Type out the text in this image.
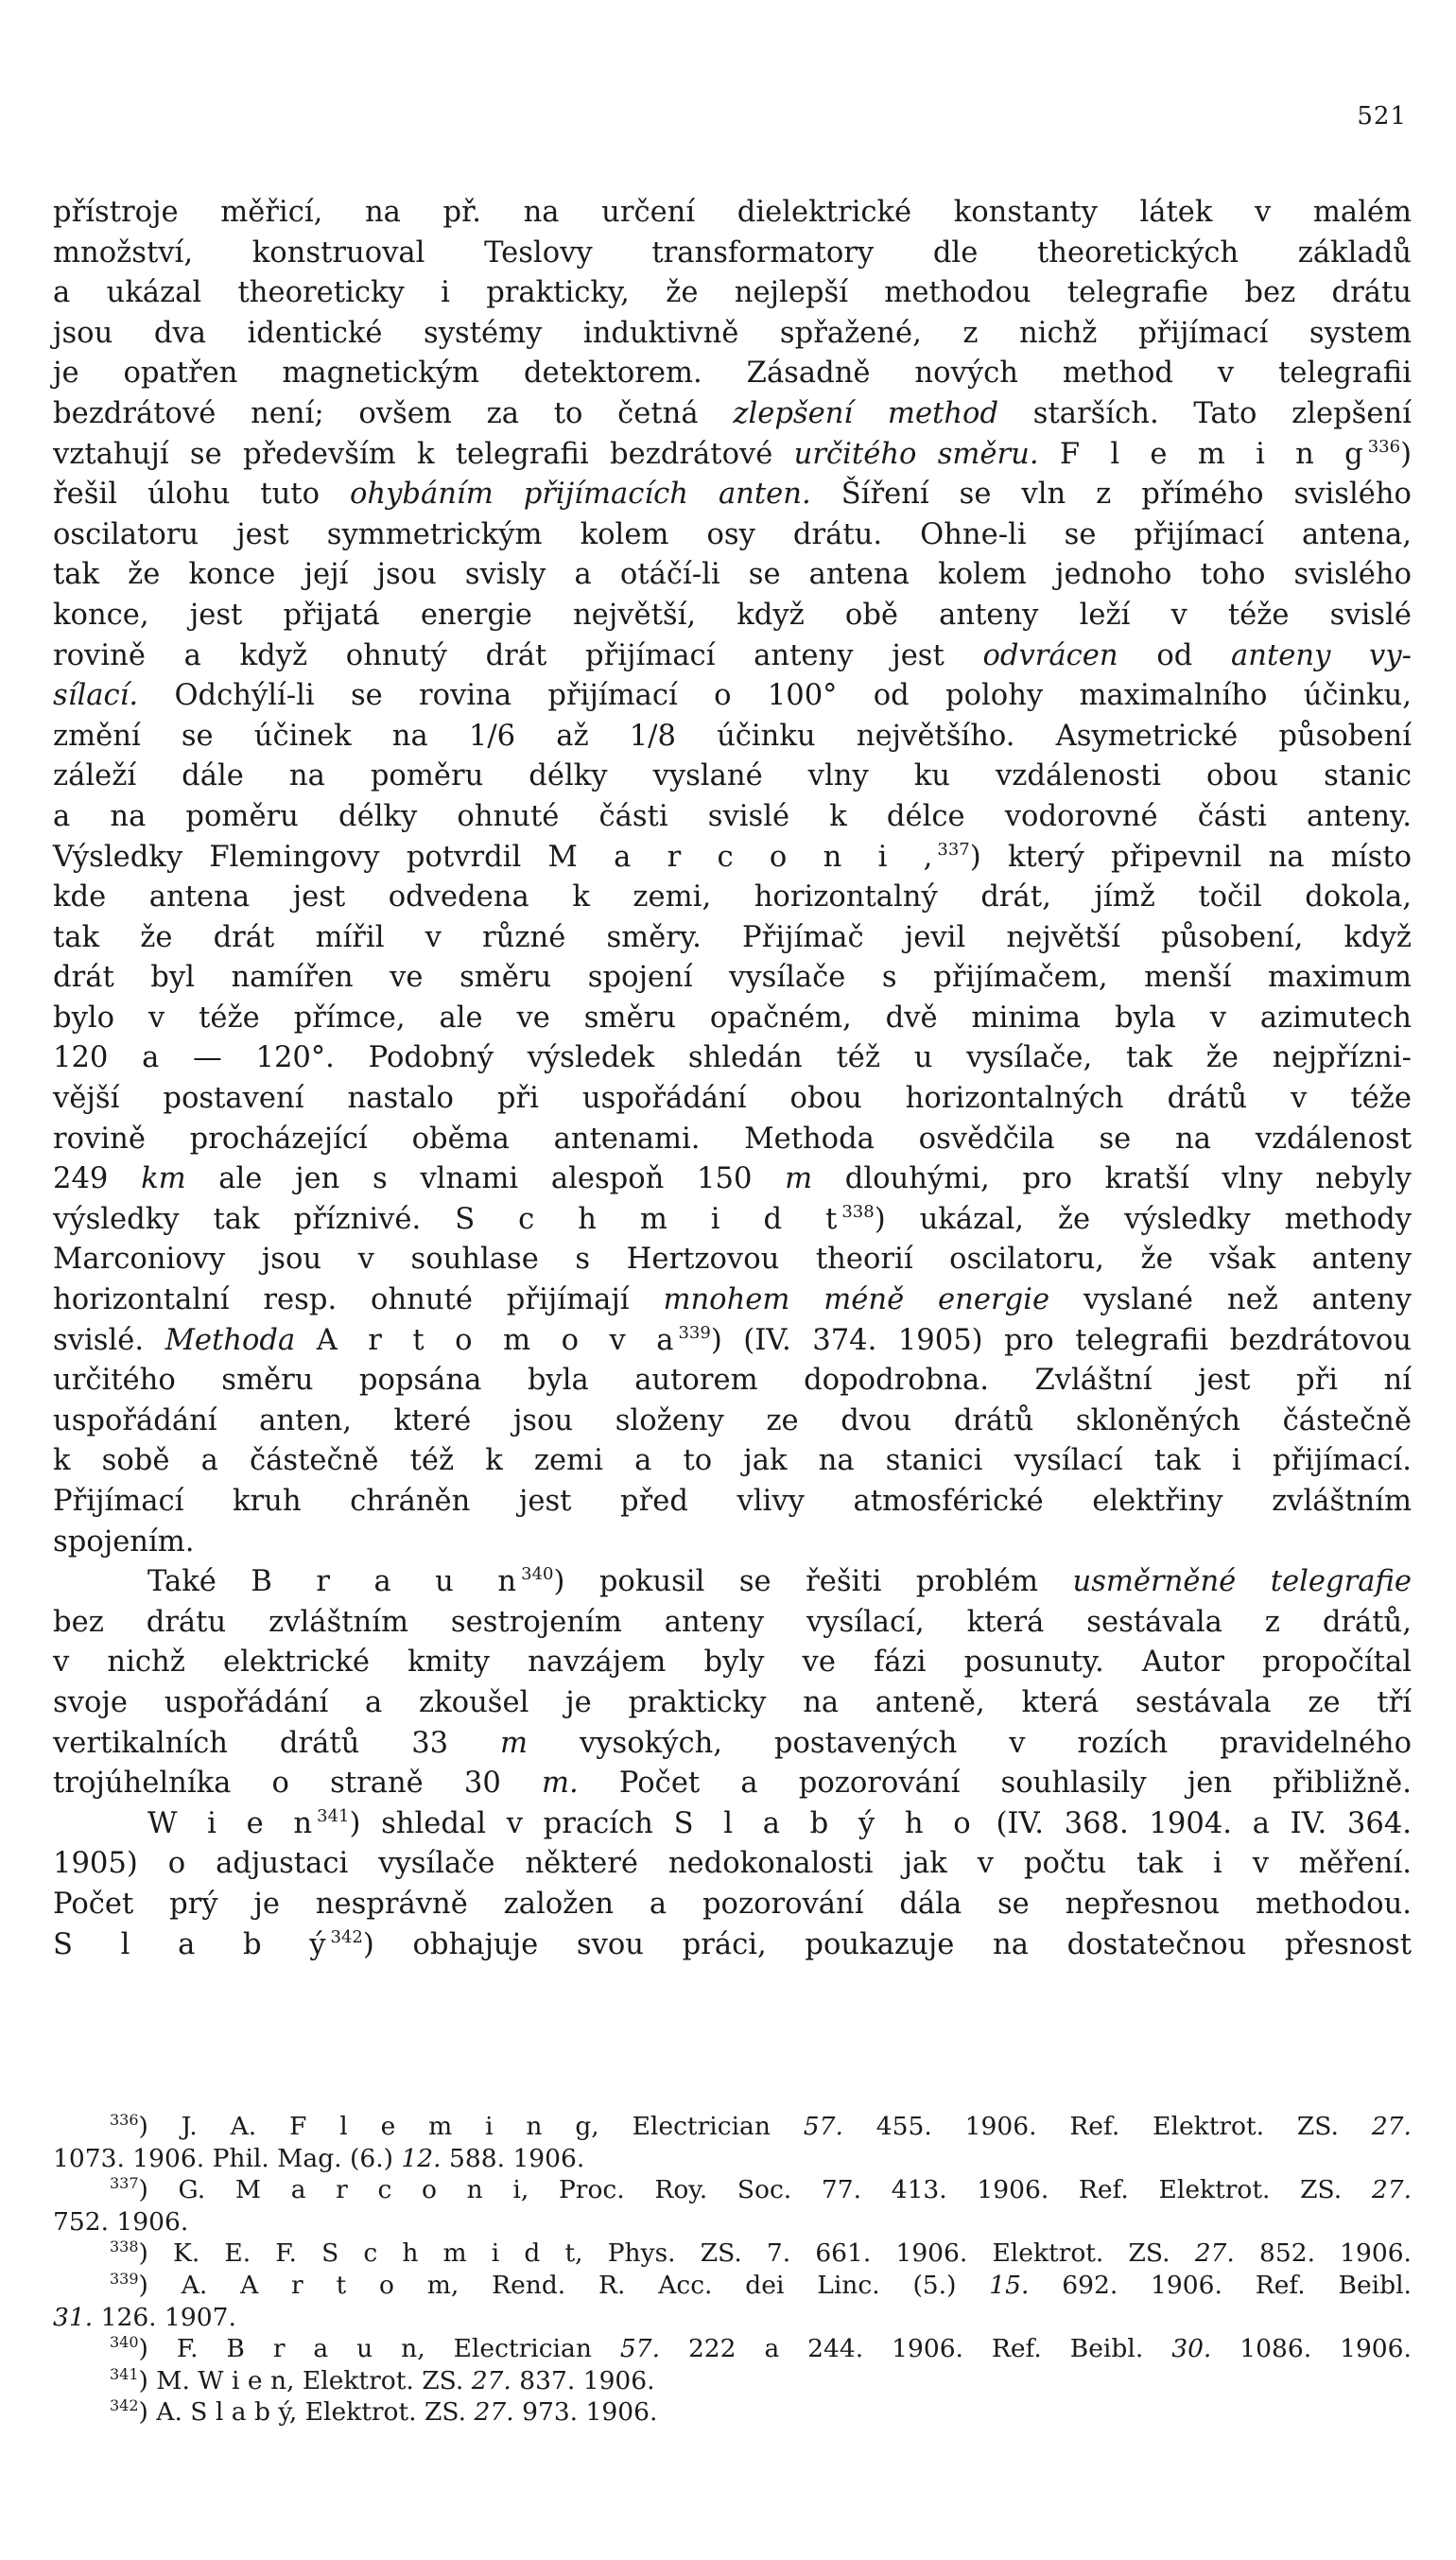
521
přístroje měřicí, na př. na určení dielektrické konstanty látek v malém
množství, konstruoval Teslovy transformatory dle theoretických základů
a ukázal theoreticky i prakticky, že nejlepší methodou telegrafie bez drátu
jsou dva identické systémy induktivně spřažené, z nichž přijímací system
je opatřen magnetickým detektorem. Zásadně nových method v telegrafii
bezdrátové není; ovšem za to četná zlepšení method starších. Tato zlepšení
vztahují se především k telegrafii bezdrátové určitého směru. F l e m i n $g^{336}$)
řešil úlohu tuto ohybáním přijímacích anten. Šíření se vln z přímého svislého
oscilatoru jest symmetrickým kolem osy drátu. Ohne-li se přijímací antena,
tak že konce její jsou svisly a otáčí-li se antena kolem jednoho toho svislého
konce, jest přijatá energie největší, když obě anteny leží v téže svislé
rovině a když ohnutý drát přijímací anteny jest odvrácen od anteny vy-
sílací. Odchýlí-li se rovina přijímací o 100° od polohy maximalního účinku,
změní se účinek na 1/6 až 1/8 účinku největšího. Asymetrické působení
záleží dále na poměru délky vyslané vlny ku vzdálenosti obou stanic
a na poměru délky ohnuté části svislé k délce vodorovné části anteny.
Výsledky Flemingovy potvrdil M a r c o n i ,$^{337}$) který připevnil na místo
kde antena jest odvedena k zemi, horizontalný drát, jímž točil dokola,
tak že drát mířil v různé směry. Přijímač jevil největší působení, když
drát byl namířen ve směru spojení vysílače s přijímačem, menší maximum
bylo v téže přímce, ale ve směru opačném, dvě minima byla v azimutech
120 a — 120°. Podobný výsledek shledán též u vysílače, tak že nejpřízni-
vější postavení nastalo při uspořádání obou horizontalných drátů v téže
rovině procházející oběma antenami. Methoda osvědčila se na vzdálenost
249 km ale jen s vlnami alespoň 150 m dlouhými, pro kratší vlny nebyly
výsledky tak příznivé. S c h m i d $t^{338}$) ukázal, že výsledky methody
Marconiovy jsou v souhlase s Hertzovou theorií oscilatoru, že však anteny
horizontalní resp. ohnuté přijímají mnohem méně energie vyslané než anteny
svislé. Methoda A r t o m o v $a^{339}$) (IV. 374. 1905) pro telegrafii bezdrátovou
určitého směru popsána byla autorem dopodrobna. Zvláštní jest při ní
uspořádání anten, které jsou složeny ze dvou drátů skloněných částečně
k sobě a částečně též k zemi a to jak na stanici vysílací tak i přijímací.
Přijímací kruh chráněn jest před vlivy atmosférické elektřiny zvláštním
spojením.
Také B r a u $n^{340}$) pokusil se řešiti problém usměrněné telegrafie
bez drátu zvláštním sestrojením anteny vysílací, která sestávala z drátů,
v nichž elektrické kmity navzájem byly ve fázi posunuty. Autor propočítal
svoje uspořádání a zkoušel je prakticky na anteně, která sestávala ze tří
vertikalních drátů 33 m vysokých, postavených v rozích pravidelného
trojúhelníka o straně 30 m. Počet a pozorování souhlasily jen přibližně.
W i e $n^{341}$) shledal v pracích S l a b ý h o (IV. 368. 1904. a IV. 364.
1905) o adjustaci vysílače některé nedokonalosti jak v počtu tak i v měření.
Počet prý je nesprávně založen a pozorování dála se nepřesnou methodou.
S l a b $ý^{342}$) obhajuje svou práci, poukazuje na dostatečnou přesnost
$^{336}$) J. A. F l e m i n g, Electrician 57. 455. 1906. Ref. Elektrot. ZS. 27.
1073. 1906. Phil. Mag. (6.) 12. 588. 1906.
$^{337}$) G. M a r c o n i, Proc. Roy. Soc. 77. 413. 1906. Ref. Elektrot. ZS. 27.
752. 1906.
$^{338}$) K. E. F. S c h m i d t, Phys. ZS. 7. 661. 1906. Elektrot. ZS. 27. 852. 1906.
$^{339}$) A. A r t o m, Rend. R. Acc. dei Linc. (5.) 15. 692. 1906. Ref. Beibl.
31. 126. 1907.
$^{340}$) F. B r a u n, Electrician 57. 222 a 244. 1906. Ref. Beibl. 30. 1086. 1906.
$^{341}$) M. W i e n, Elektrot. ZS. 27. 837. 1906.
$^{342}$) A. S l a b ý, Elektrot. ZS. 27. 973. 1906.
